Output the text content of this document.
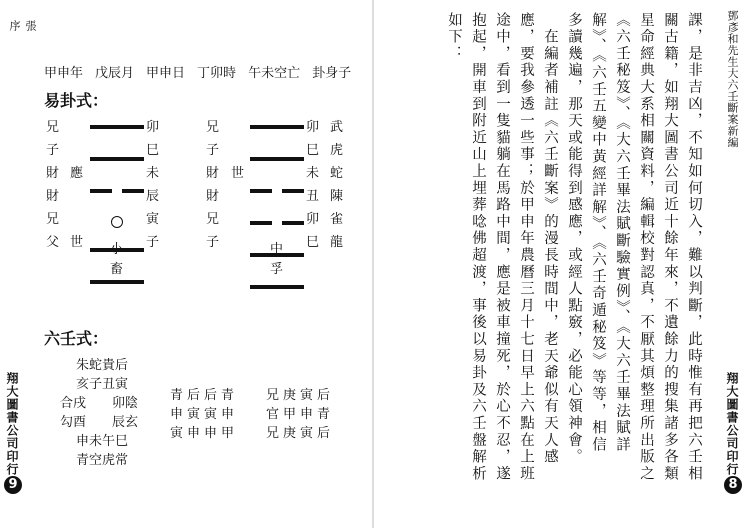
張
序
翔大圖書公司印行
9
甲申年 戊辰月 甲申日 丁卯時 午未空亡 卦身子
易卦式：
兄
子
財
財
兄
父
應
世
卯
巳
未
辰
寅
子
小
畜
兄
子
財
財
兄
子
世
卯
巳
未
丑
卯
巳
武
虎
蛇
陳
雀
龍
中
孚
六壬式：
朱蛇貴后
亥子丑寅
合戌　　卯陰
勾酉　　辰玄
申未午巳
青空虎常
青后后青
申寅寅申
寅申申甲
兄庚寅后
官甲申青
兄庚寅后
鄧彥和先生大六壬斷案新編
翔大圖書公司印行
8
課，是非吉凶，不知如何切入，難以判斷，此時惟有再把六壬相
關古籍，如翔大圖書公司近十餘年來，不遺餘力的搜集諸多各類
星命經典大系相關資料，編輯校對認真，不厭其煩整理所出版之
《六壬秘笈》、《大六壬畢法賦斷驗實例》、《大六壬畢法賦詳
解》、《六壬五變中黃經詳解》、《六壬奇遁秘笈》等等，相信
多讀幾遍，那天或能得到感應，或經人點竅，必能心領神會。
　在編者補註《六壬斷案》的漫長時間中，老天爺似有天人感
應，要我參透一些事；於甲申年農曆三月十七日早上六點在上班
途中，看到一隻貓躺在馬路中間，應是被車撞死，於心不忍，遂
抱起，開車到附近山上埋葬唸佛超渡，事後以易卦及六壬盤解析
如下：
